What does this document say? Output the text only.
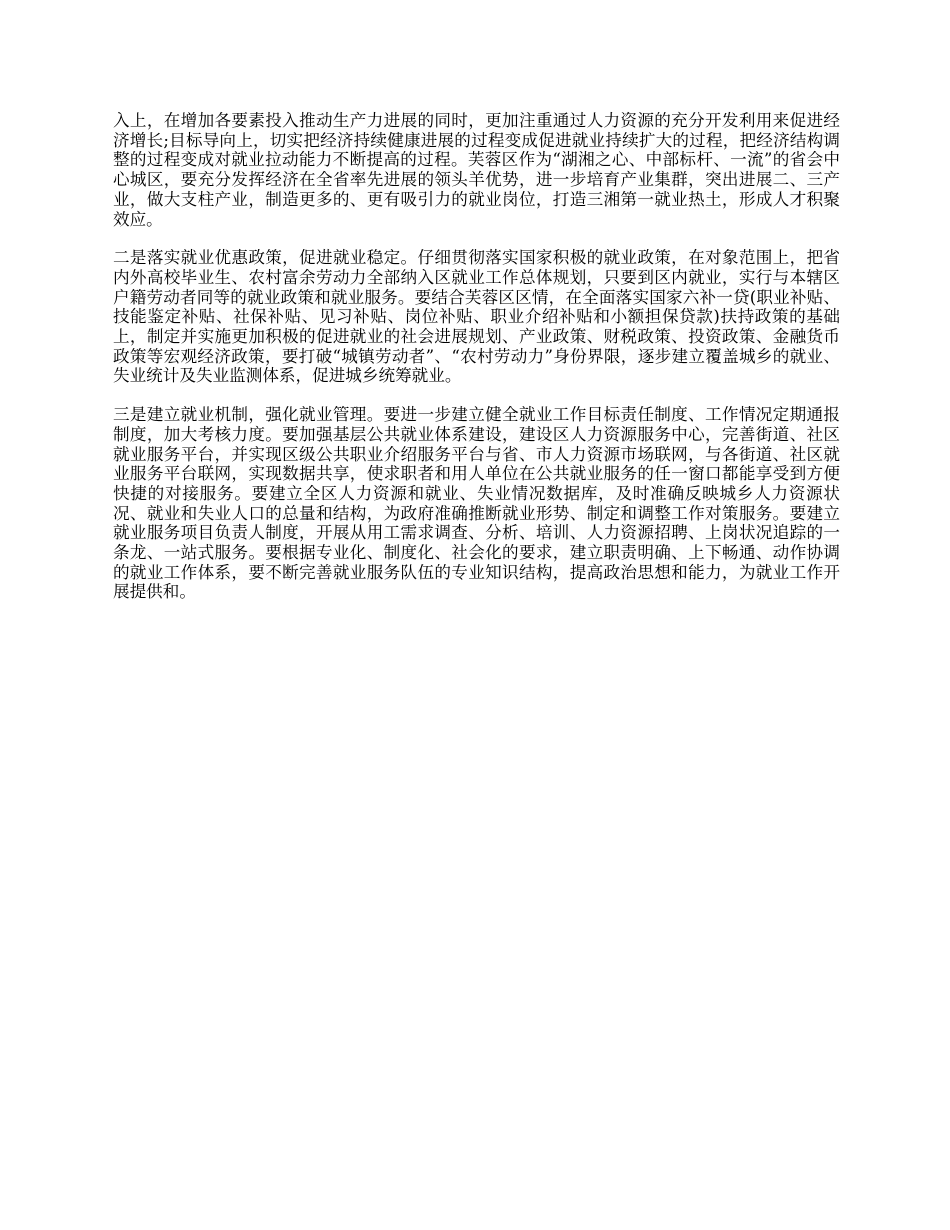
入上，在增加各要素投入推动生产力进展的同时，更加注重通过人力资源的充分开发利用来促进经济增长;目标导向上，切实把经济持续健康进展的过程变成促进就业持续扩大的过程，把经济结构调整的过程变成对就业拉动能力不断提高的过程。芙蓉区作为“湖湘之心、中部标杆、一流”的省会中心城区，要充分发挥经济在全省率先进展的领头羊优势，进一步培育产业集群，突出进展二、三产业，做大支柱产业，制造更多的、更有吸引力的就业岗位，打造三湘第一就业热土，形成人才积聚效应。

二是落实就业优惠政策，促进就业稳定。仔细贯彻落实国家积极的就业政策，在对象范围上，把省内外高校毕业生、农村富余劳动力全部纳入区就业工作总体规划，只要到区内就业，实行与本辖区户籍劳动者同等的就业政策和就业服务。要结合芙蓉区区情，在全面落实国家六补一贷(职业补贴、技能鉴定补贴、社保补贴、见习补贴、岗位补贴、职业介绍补贴和小额担保贷款)扶持政策的基础上，制定并实施更加积极的促进就业的社会进展规划、产业政策、财税政策、投资政策、金融货币政策等宏观经济政策，要打破“城镇劳动者”、“农村劳动力”身份界限，逐步建立覆盖城乡的就业、失业统计及失业监测体系，促进城乡统筹就业。

三是建立就业机制，强化就业管理。要进一步建立健全就业工作目标责任制度、工作情况定期通报制度，加大考核力度。要加强基层公共就业体系建设，建设区人力资源服务中心，完善街道、社区就业服务平台，并实现区级公共职业介绍服务平台与省、市人力资源市场联网，与各街道、社区就业服务平台联网，实现数据共享，使求职者和用人单位在公共就业服务的任一窗口都能享受到方便快捷的对接服务。要建立全区人力资源和就业、失业情况数据库，及时准确反映城乡人力资源状况、就业和失业人口的总量和结构，为政府准确推断就业形势、制定和调整工作对策服务。要建立就业服务项目负责人制度，开展从用工需求调查、分析、培训、人力资源招聘、上岗状况追踪的一条龙、一站式服务。要根据专业化、制度化、社会化的要求，建立职责明确、上下畅通、动作协调的就业工作体系，要不断完善就业服务队伍的专业知识结构，提高政治思想和能力，为就业工作开展提供和。
